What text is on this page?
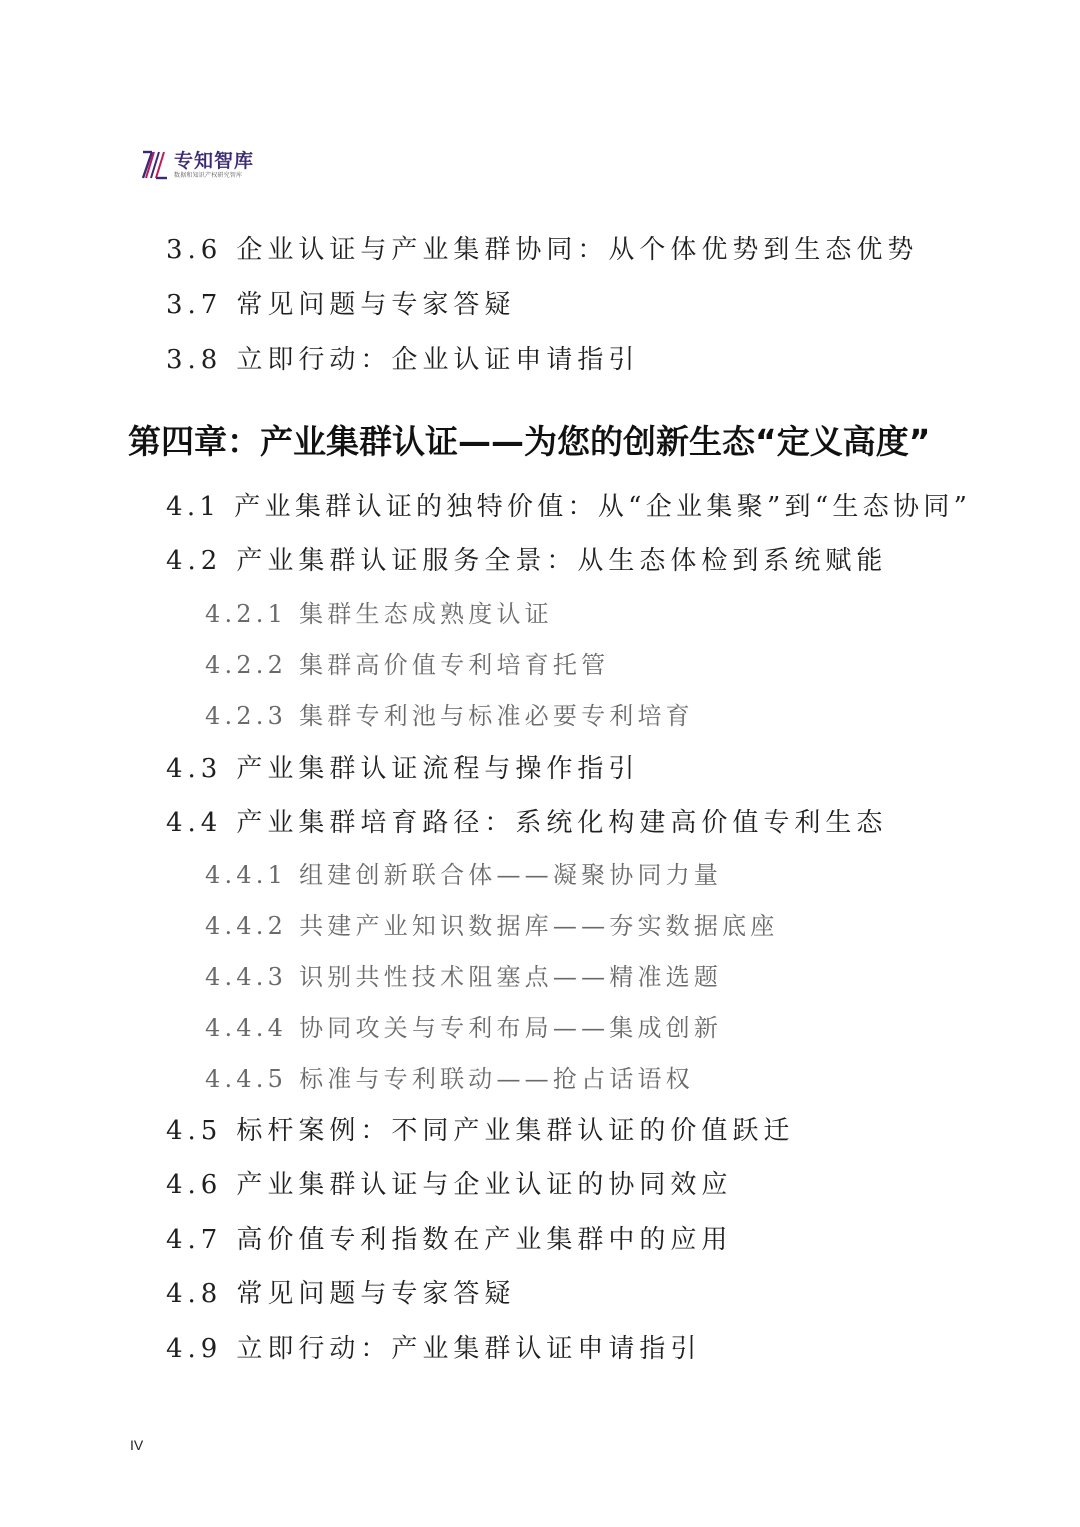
专知智库
数据和知识产权研究智库
3.6 企业认证与产业集群协同：从个体优势到生态优势
3.7 常见问题与专家答疑
3.8 立即行动：企业认证申请指引
第四章：产业集群认证——为您的创新生态“定义高度”
4.1 产业集群认证的独特价值：从“企业集聚”到“生态协同”
4.2 产业集群认证服务全景：从生态体检到系统赋能
4.2.1 集群生态成熟度认证
4.2.2 集群高价值专利培育托管
4.2.3 集群专利池与标准必要专利培育
4.3 产业集群认证流程与操作指引
4.4 产业集群培育路径：系统化构建高价值专利生态
4.4.1 组建创新联合体——凝聚协同力量
4.4.2 共建产业知识数据库——夯实数据底座
4.4.3 识别共性技术阻塞点——精准选题
4.4.4 协同攻关与专利布局——集成创新
4.4.5 标准与专利联动——抢占话语权
4.5 标杆案例：不同产业集群认证的价值跃迁
4.6 产业集群认证与企业认证的协同效应
4.7 高价值专利指数在产业集群中的应用
4.8 常见问题与专家答疑
4.9 立即行动：产业集群认证申请指引
IV
